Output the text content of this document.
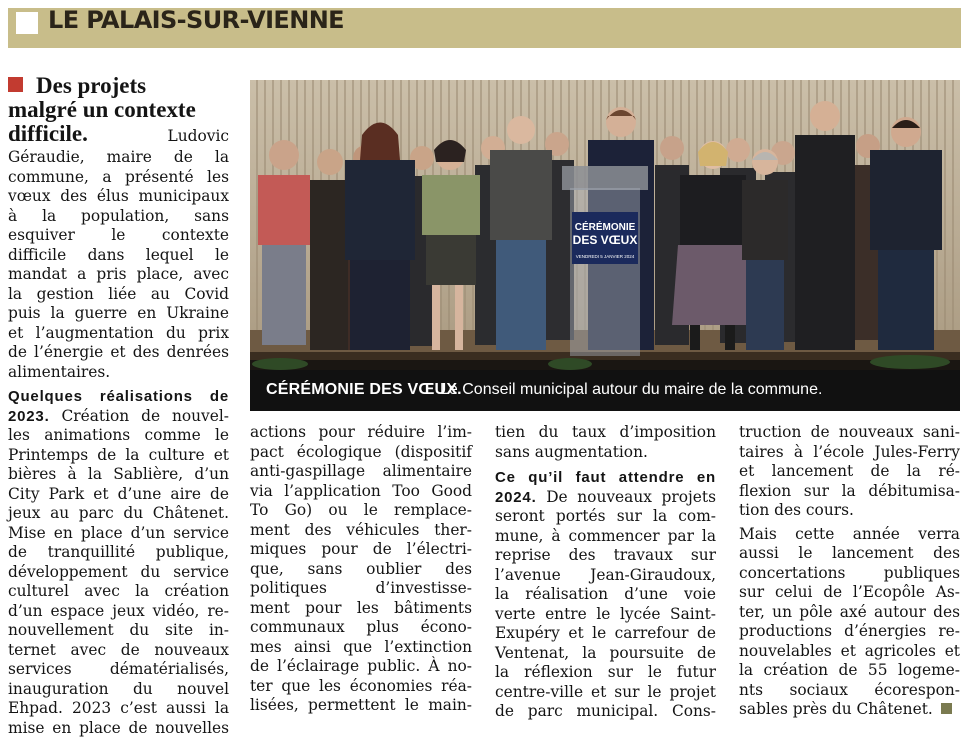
LE PALAIS-SUR-VIENNE
Des projets
malgré un contexte
difficile.	Ludovic
Géraudie, maire de la
commune, a présenté les
vœux des élus municipaux
à la population, sans
esquiver le contexte
difficile dans lequel le
mandat a pris place, avec
la gestion liée au Covid
puis la guerre en Ukraine
et l’augmentation du prix
de l’énergie et des denrées
alimentaires.
Quelques réalisations de
2023. Création de nouvel-
les animations comme le
Printemps de la culture et
bières à la Sablière, d’un
City Park et d’une aire de
jeux au parc du Châtenet.
Mise en place d’un service
de tranquillité publique,
développement du service
culturel avec la création
d’un espace jeux vidéo, re-
nouvellement du site in-
ternet avec de nouveaux
services dématérialisés,
inauguration du nouvel
Ehpad. 2023 c’est aussi la
mise en place de nouvelles
CÉRÉMONIE
DES VŒUX
VENDREDI 5 JANVIER 2024
CÉRÉMONIE DES VŒUX.
Le Conseil municipal autour du maire de la commune.
actions pour réduire l’im-
pact écologique (dispositif
anti-gaspillage alimentaire
via l’application Too Good
To Go) ou le remplace-
ment des véhicules ther-
miques pour de l’électri-
que, sans oublier des
politiques d’investisse-
ment pour les bâtiments
communaux plus écono-
mes ainsi que l’extinction
de l’éclairage public. À no-
ter que les économies réa-
lisées, permettent le main-
tien du taux d’imposition
sans augmentation.
Ce qu’il faut attendre en
2024. De nouveaux projets
seront portés sur la com-
mune, à commencer par la
reprise des travaux sur
l’avenue Jean-Giraudoux,
la réalisation d’une voie
verte entre le lycée Saint-
Exupéry et le carrefour de
Ventenat, la poursuite de
la réflexion sur le futur
centre-ville et sur le projet
de parc municipal. Cons-
truction de nouveaux sani-
taires à l’école Jules-Ferry
et lancement de la ré-
flexion sur la débitumisa-
tion des cours.
Mais cette année verra
aussi le lancement des
concertations publiques
sur celui de l’Ecopôle As-
ter, un pôle axé autour des
productions d’énergies re-
nouvelables et agricoles et
la création de 55 logeme-
nts sociaux écorespon-
sables près du Châtenet.
